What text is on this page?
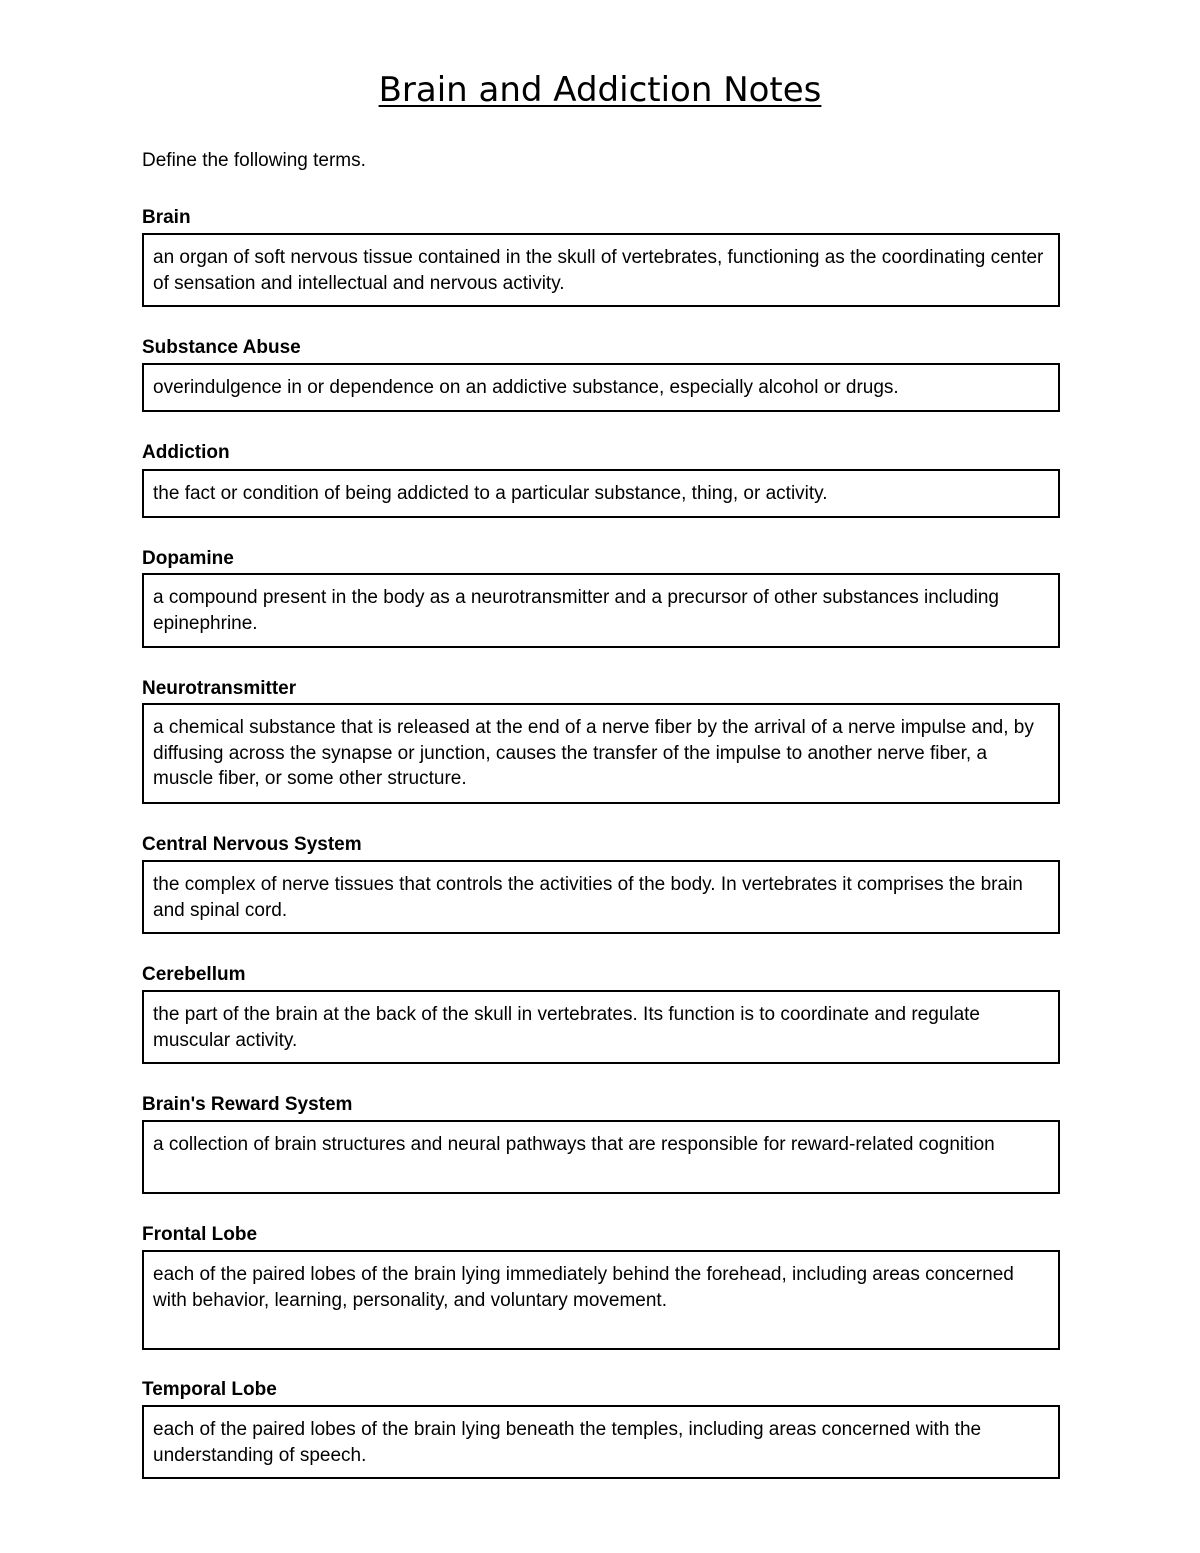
Brain and Addiction Notes

Define the following terms.

Brain

an organ of soft nervous tissue contained in the skull of vertebrates, functioning as the coordinating center of sensation and intellectual and nervous activity.

Substance Abuse

overindulgence in or dependence on an addictive substance, especially alcohol or drugs.

Addiction

the fact or condition of being addicted to a particular substance, thing, or activity.

Dopamine

a compound present in the body as a neurotransmitter and a precursor of other substances including epinephrine.

Neurotransmitter

a chemical substance that is released at the end of a nerve fiber by the arrival of a nerve impulse and, by diffusing across the synapse or junction, causes the transfer of the impulse to another nerve fiber, a muscle fiber, or some other structure.

Central Nervous System

the complex of nerve tissues that controls the activities of the body. In vertebrates it comprises the brain and spinal cord.

Cerebellum

the part of the brain at the back of the skull in vertebrates. Its function is to coordinate and regulate muscular activity.

Brain's Reward System

a collection of brain structures and neural pathways that are responsible for reward-related cognition

Frontal Lobe

each of the paired lobes of the brain lying immediately behind the forehead, including areas concerned with behavior, learning, personality, and voluntary movement.

Temporal Lobe

each of the paired lobes of the brain lying beneath the temples, including areas concerned with the understanding of speech.
